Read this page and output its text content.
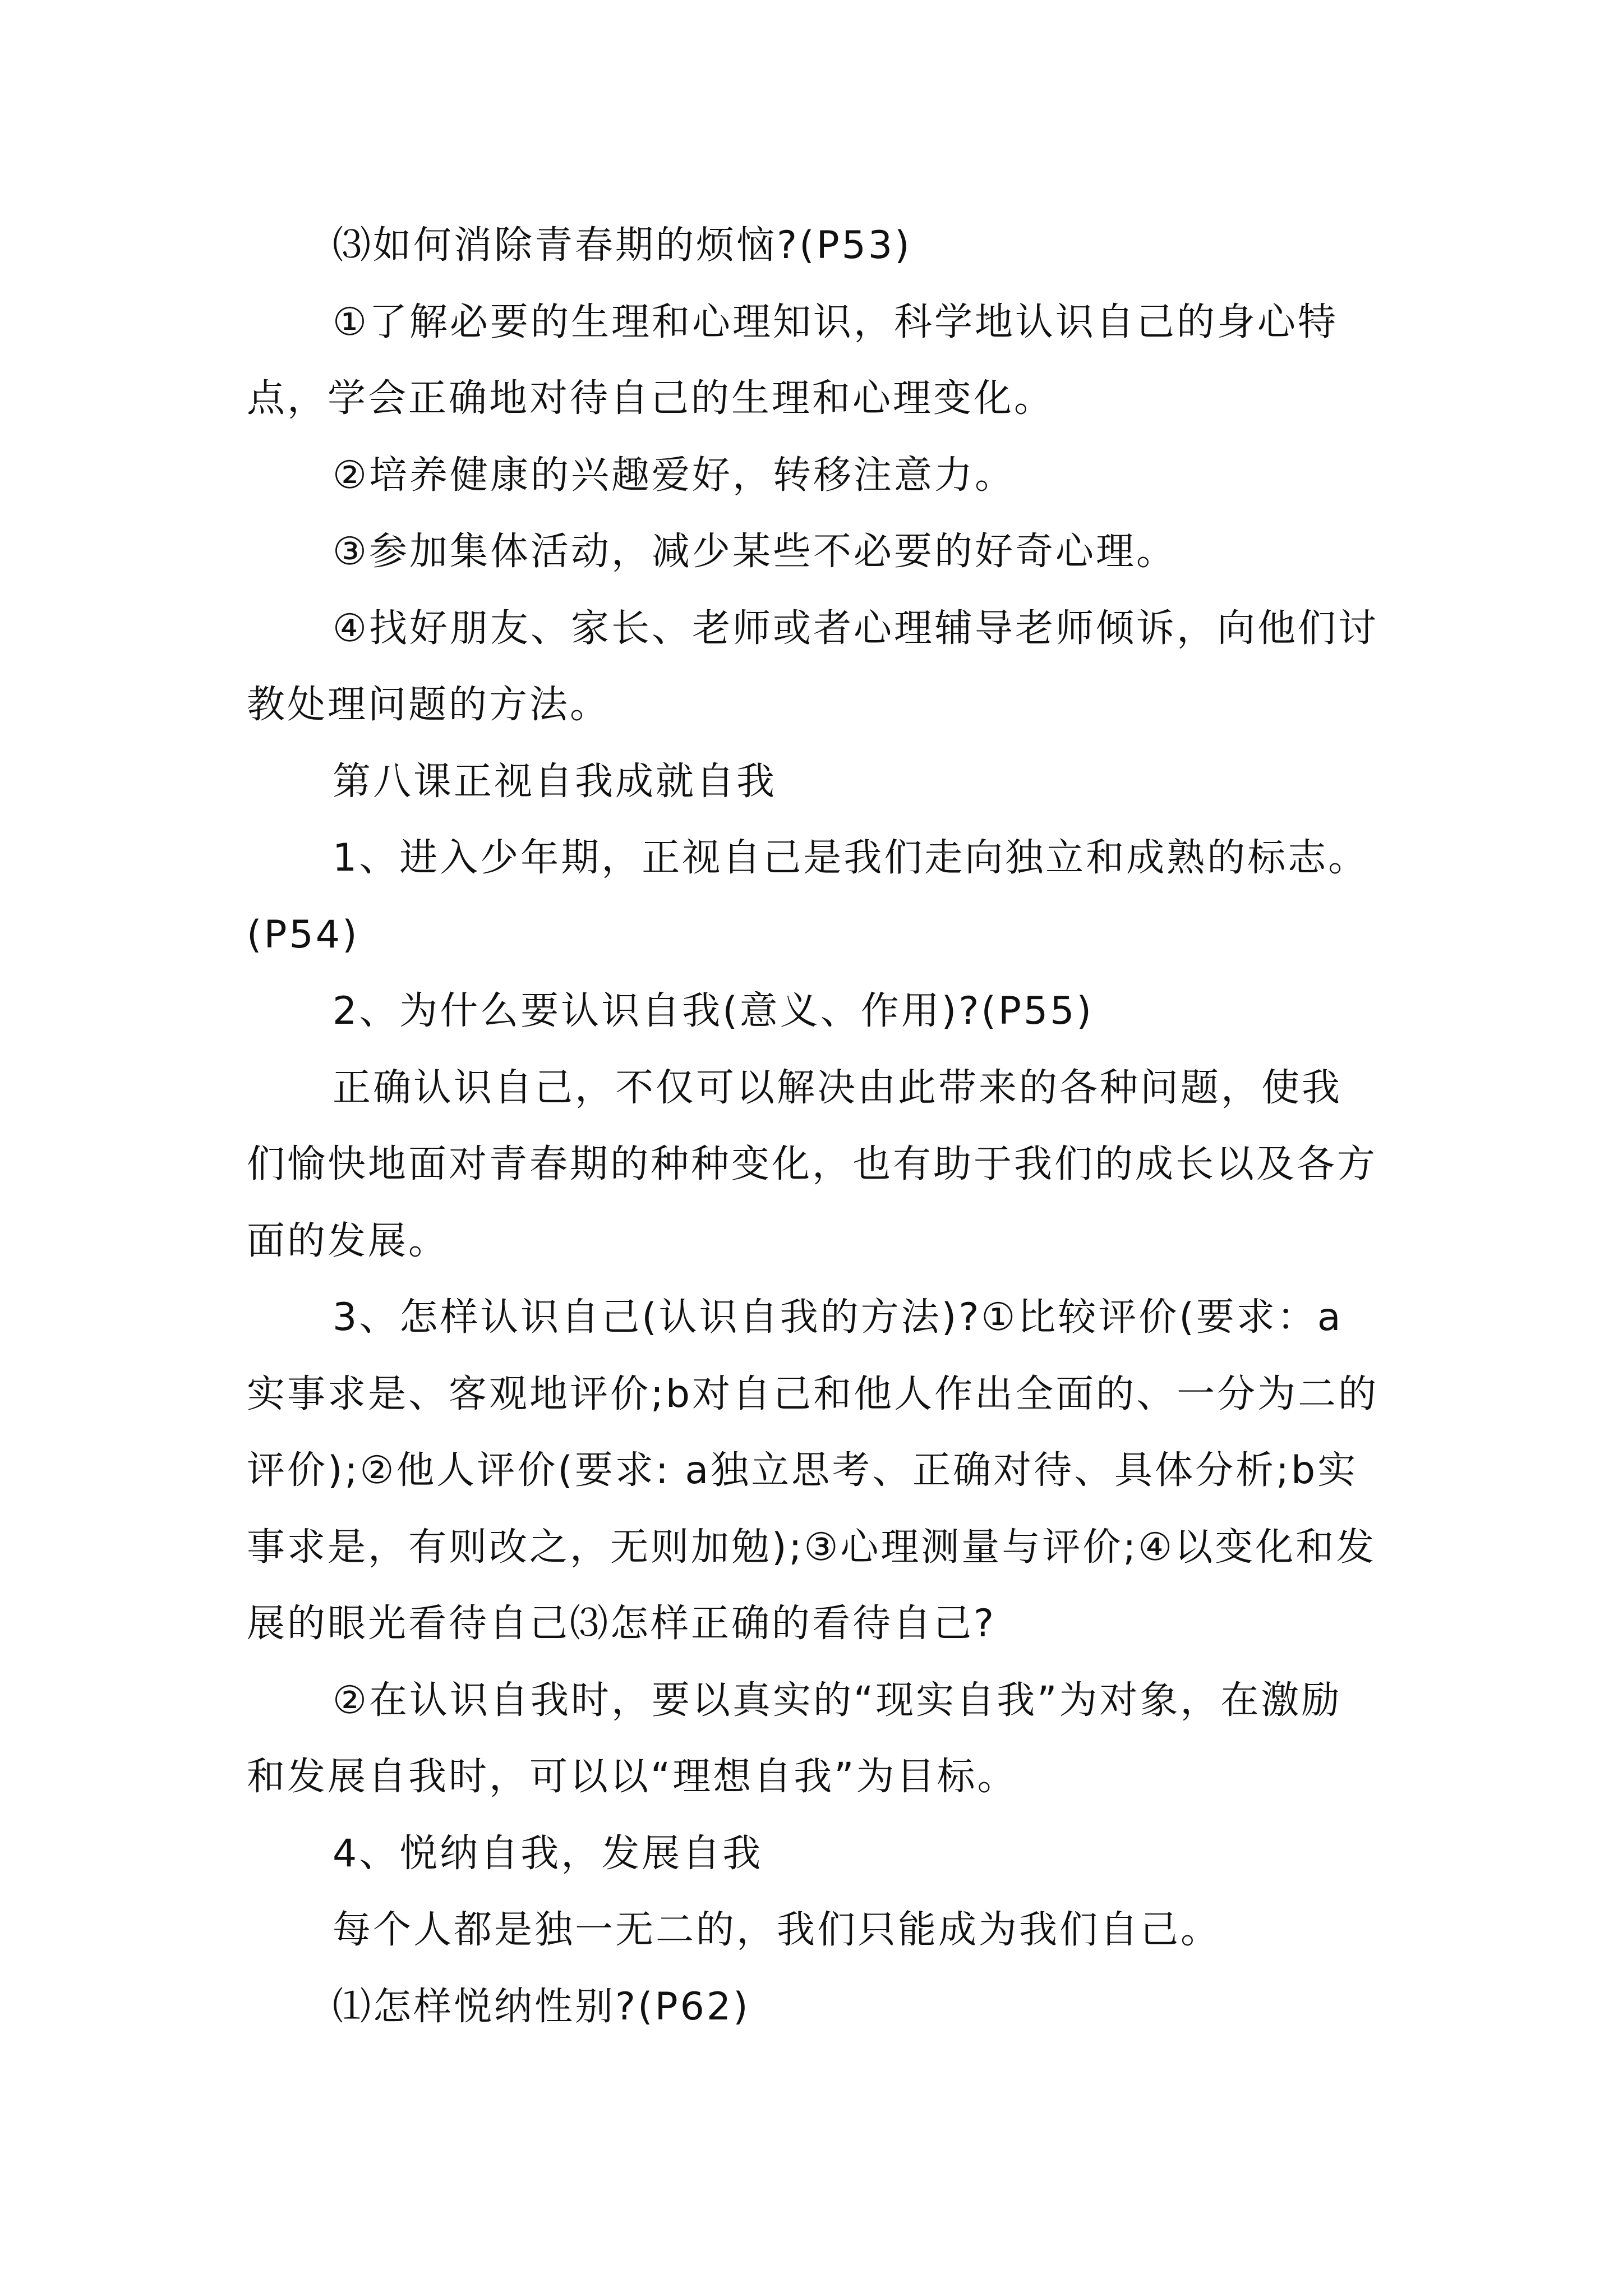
⑶如何消除青春期的烦恼?(P53)

①了解必要的生理和心理知识，科学地认识自己的身心特点，学会正确地对待自己的生理和心理变化。

②培养健康的兴趣爱好，转移注意力。

③参加集体活动，减少某些不必要的好奇心理。

④找好朋友、家长、老师或者心理辅导老师倾诉，向他们讨教处理问题的方法。

第八课正视自我成就自我

1、进入少年期，正视自己是我们走向独立和成熟的标志。(P54)

2、为什么要认识自我(意义、作用)?(P55)

正确认识自己，不仅可以解决由此带来的各种问题，使我们愉快地面对青春期的种种变化，也有助于我们的成长以及各方面的发展。

3、怎样认识自己(认识自我的方法)?①比较评价(要求：a实事求是、客观地评价;b对自己和他人作出全面的、一分为二的评价);②他人评价(要求: a独立思考、正确对待、具体分析;b实事求是，有则改之，无则加勉);③心理测量与评价;④以变化和发展的眼光看待自己⑶怎样正确的看待自己?

②在认识自我时，要以真实的“现实自我”为对象，在激励和发展自我时，可以以“理想自我”为目标。

4、悦纳自我，发展自我

每个人都是独一无二的，我们只能成为我们自己。

⑴怎样悦纳性别?(P62)
